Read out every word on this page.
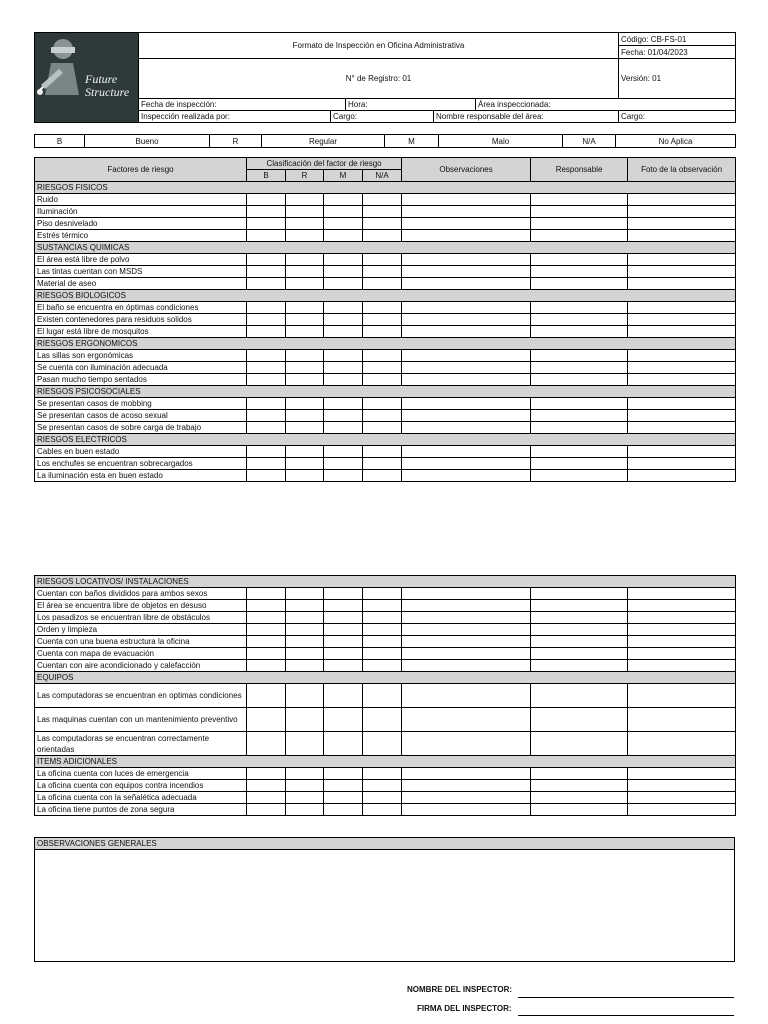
Future
Structure	Formato de Inspección en Oficina Administrativa					Código: CB-FS-01
						Fecha: 01/04/2023
	N° de Registro: 01					Versión: 01
	Fecha de inspección:		Hora:		Área inspeccionada:	
	Inspección realizada por:	Cargo:		Nombre responsable del área:		Cargo:
B	Bueno	R	Regular	M	Malo	N/A	No Aplica
Factores de riesgo	Clasificación del factor de riesgo				Observaciones	Responsable	Foto de la observación
	B	R	M	N/A			
RIESGOS FISICOS							
Ruido							
Iluminación							
Piso desnivelado							
Estrés térmico							
SUSTANCIAS QUIMICAS							
El área está libre de polvo							
Las tintas cuentan con MSDS							
Material de aseo							
RIESGOS BIOLOGICOS							
El baño se encuentra en óptimas condiciones							
Existen contenedores para residuos solidos							
El lugar está libre de mosquitos							
RIESGOS ERGONOMICOS							
Las sillas son ergonómicas							
Se cuenta con iluminación adecuada							
Pasan mucho tiempo sentados							
RIESGOS PSICOSOCIALES							
Se presentan casos de mobbing							
Se presentan casos de acoso sexual							
Se presentan casos de sobre carga de trabajo							
RIESGOS ELECTRICOS							
Cables en buen estado							
Los enchufes se encuentran sobrecargados							
La iluminación esta en buen estado							
RIESGOS LOCATIVOS/ INSTALACIONES							
Cuentan con baños divididos para ambos sexos							
El área se encuentra libre de objetos en desuso							
Los pasadizos se encuentran libre de obstáculos							
Orden y limpieza							
Cuenta con una buena estructura la oficina							
Cuenta con mapa de evacuación							
Cuentan con aire acondicionado y calefacción							
EQUIPOS							
Las computadoras se encuentran en optimas condiciones							
Las maquinas cuentan con un mantenimiento preventivo							
Las computadoras se encuentran correctamente orientadas							
ITEMS ADICIONALES							
La oficina cuenta con luces de emergencia							
La oficina cuenta con equipos contra incendios							
La oficina cuenta con la señalética adecuada							
La oficina tiene puntos de zona segura							
OBSERVACIONES GENERALES

NOMBRE DEL INSPECTOR:
FIRMA DEL INSPECTOR:
